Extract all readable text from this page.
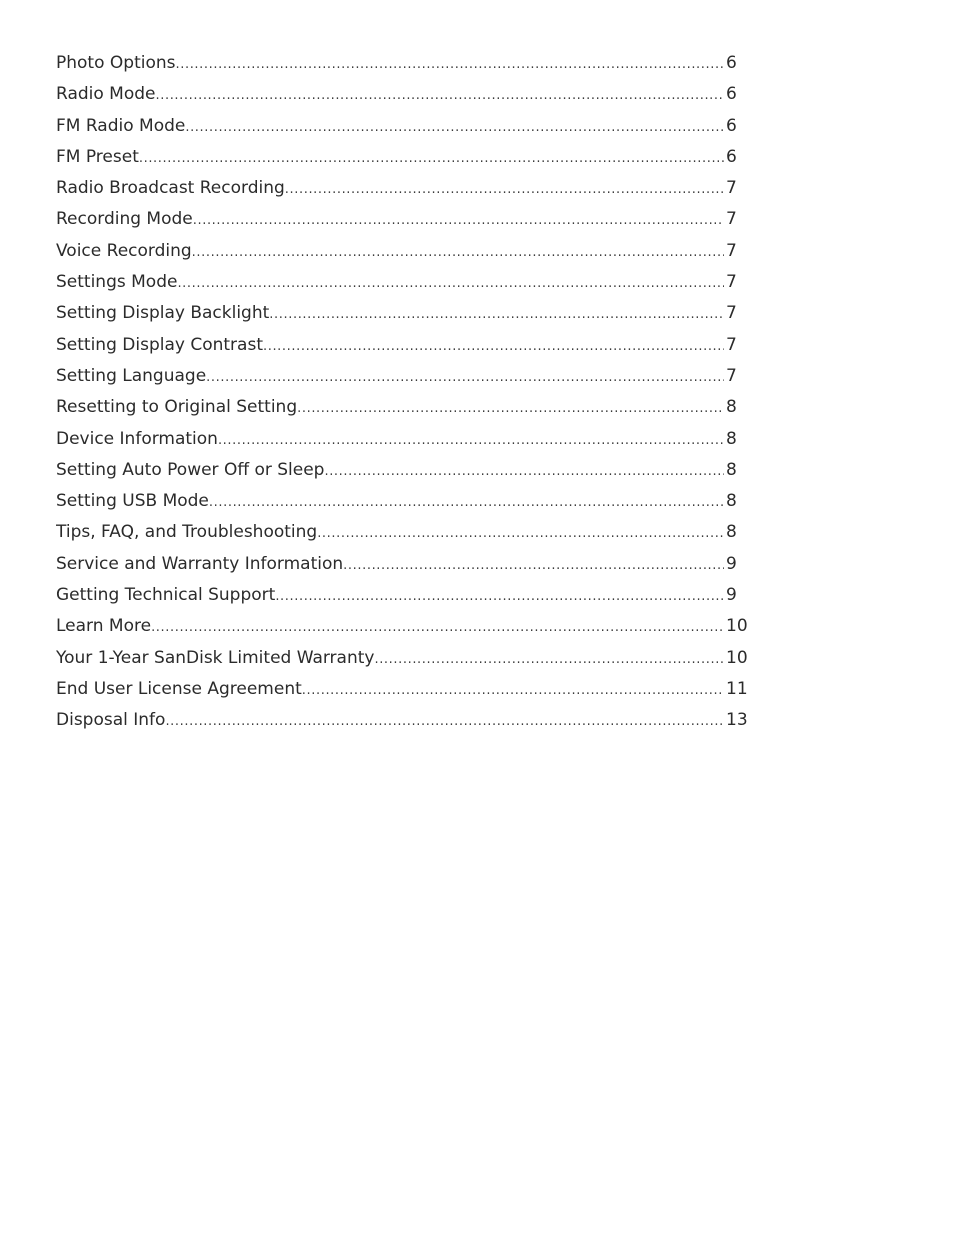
Photo Options .....	6
Radio Mode .....	6
FM Radio Mode .....	6
FM Preset .....	6
Radio Broadcast Recording .....	7
Recording Mode .....	7
Voice Recording .....	7
Settings Mode .....	7
Setting Display Backlight .....	7
Setting Display Contrast .....	7
Setting Language .....	7
Resetting to Original Setting .....	8
Device Information .....	8
Setting Auto Power Off or Sleep .....	8
Setting USB Mode .....	8
Tips, FAQ, and Troubleshooting .....	8
Service and Warranty Information .....	9
Getting Technical Support .....	9
Learn More .....	10
Your 1-Year SanDisk Limited Warranty .....	10
End User License Agreement .....	11
Disposal Info .....	13
